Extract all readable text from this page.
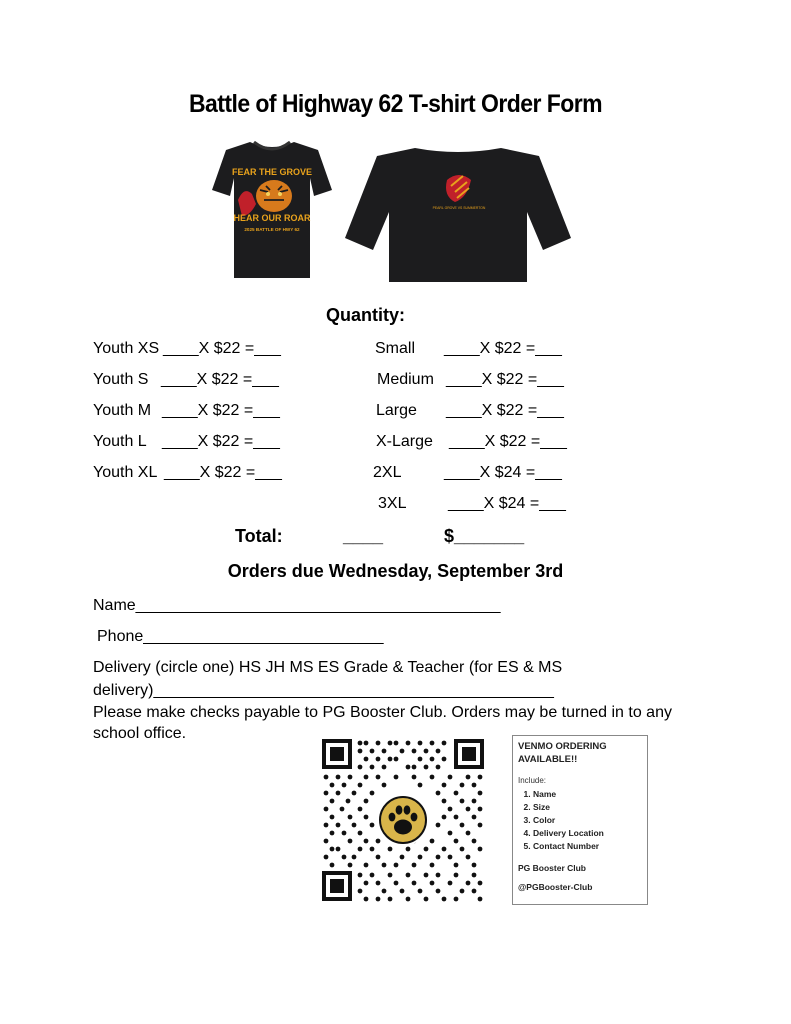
Battle of Highway 62 T-shirt Order Form
FEAR THE GROVE
HEAR OUR ROAR
2025 BATTLE OF HWY 62
PEARL GROVE VS SUMMERTON
Quantity:
Youth XS ____X $22 =___
Youth S ____X $22 =___
Youth M ____X $22 =___
Youth L ____X $22 =___
Youth XL ____X $22 =___
Small ____X $22 =___
Medium ____X $22 =___
Large ____X $22 =___
X-Large ____X $22 =___
2XL	____X $24 =___
3XL	____X $24 =___
Total:	____	$_______
Orders due Wednesday, September 3rd
Name_________________________________________
Phone___________________________
Delivery (circle one) HS JH MS ES Grade & Teacher (for ES & MS
delivery)_____________________________________________
Please make checks payable to PG Booster Club. Orders may be turned in to any
school office.
VENMO ORDERING AVAILABLE!!
Include:
1. Name
2. Size
3. Color
4. Delivery Location
5. Contact Number
PG Booster Club
@PGBooster-Club
